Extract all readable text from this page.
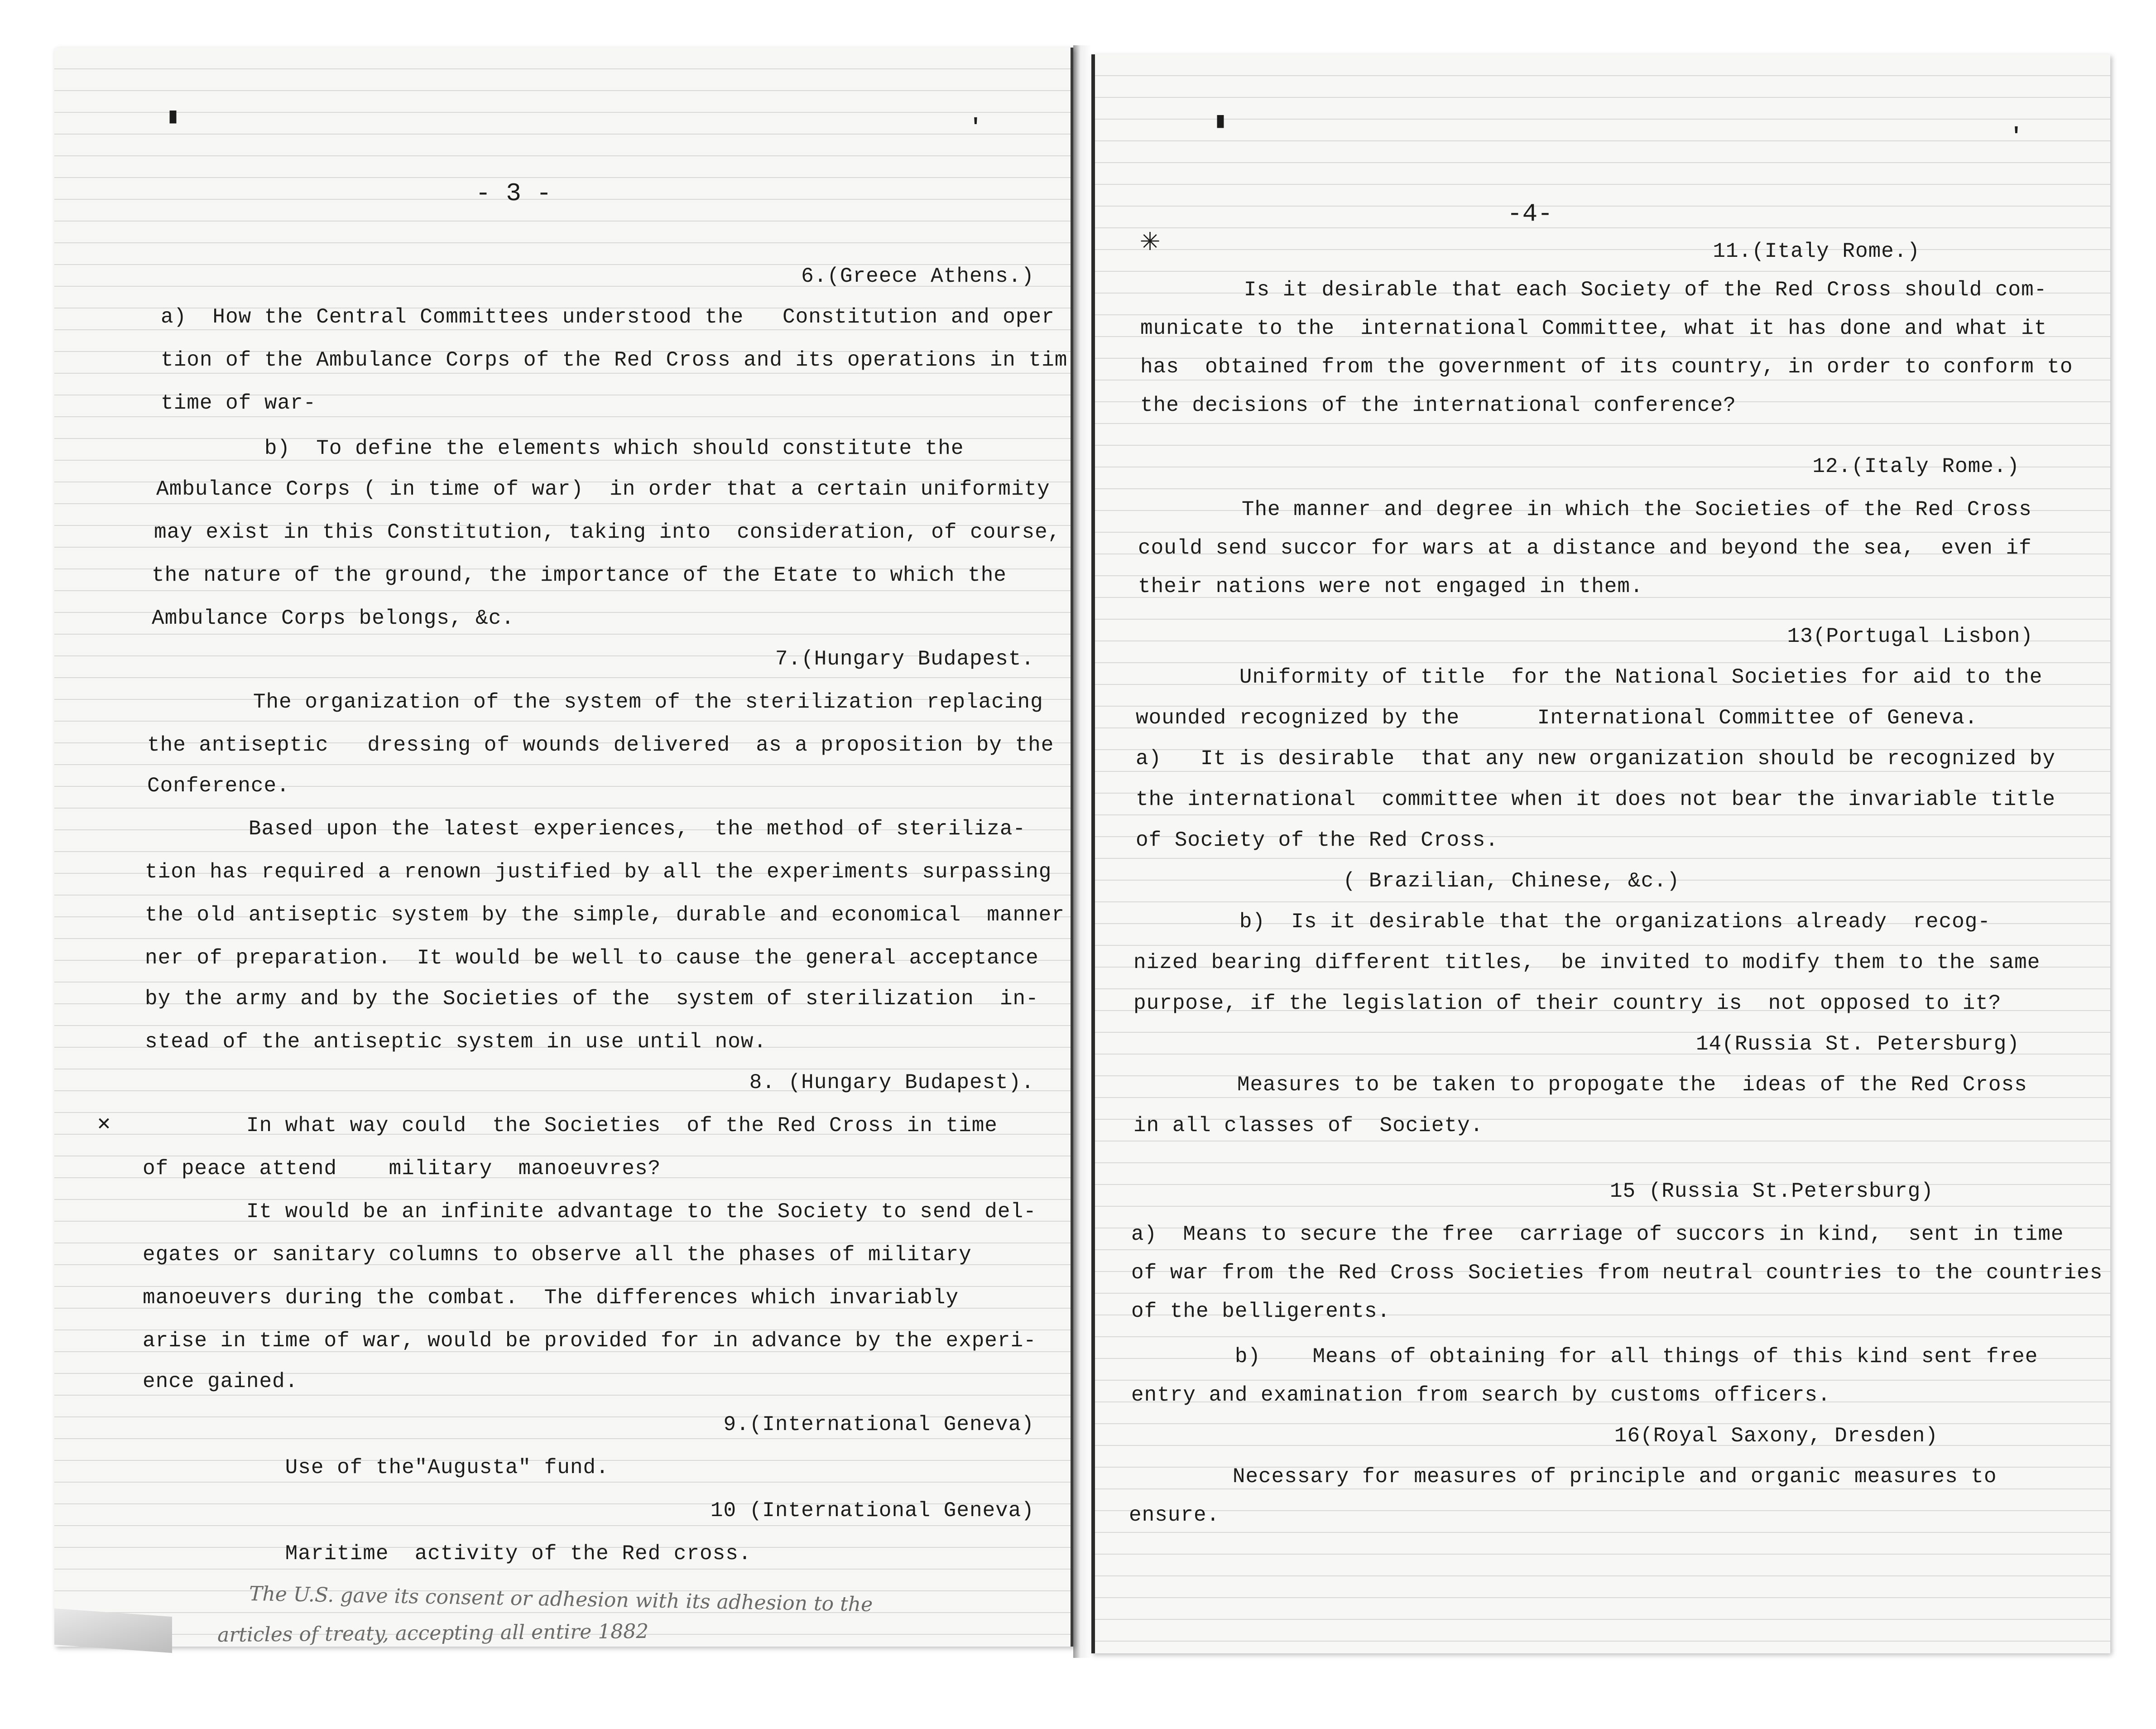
▘	'
- 3 -
6.(Greece Athens.)
a)  How the Central Committees understood the   Constitution and oper
tion of the Ambulance Corps of the Red Cross and its operations in tim
time of war-
b)  To define the elements which should constitute the
Ambulance Corps ( in time of war)  in order that a certain uniformity
may exist in this Constitution, taking into  consideration, of course,
the nature of the ground, the importance of the Etate to which the
Ambulance Corps belongs, &c.
7.(Hungary Budapest.
The organization of the system of the sterilization replacing
the antiseptic   dressing of wounds delivered  as a proposition by the
Conference.
Based upon the latest experiences,  the method of steriliza-
tion has required a renown justified by all the experiments surpassing
the old antiseptic system by the simple, durable and economical  manner
ner of preparation.  It would be well to cause the general acceptance
by the army and by the Societies of the  system of sterilization  in-
stead of the antiseptic system in use until now.
8. (Hungary Budapest).
✕ In what way could  the Societies  of the Red Cross in time
of peace attend    military  manoeuvres?
It would be an infinite advantage to the Society to send del-
egates or sanitary columns to observe all the phases of military
manoeuvers during the combat.  The differences which invariably
arise in time of war, would be provided for in advance by the experi-
ence gained.
9.(International Geneva)
Use of the"Augusta" fund.
10 (International Geneva)
Maritime  activity of the Red cross.
The U.S. gave its consent or adhesion with its adhesion to the
articles of treaty, accepting all entire 1882
▘	'
✳
-4-
11.(Italy Rome.)
Is it desirable that each Society of the Red Cross should com-
municate to the  international Committee, what it has done and what it
has  obtained from the government of its country, in order to conform to
the decisions of the international conference?
12.(Italy Rome.)
The manner and degree in which the Societies of the Red Cross
could send succor for wars at a distance and beyond the sea,  even if
their nations were not engaged in them.
13(Portugal Lisbon)
Uniformity of title  for the National Societies for aid to the
wounded recognized by the      International Committee of Geneva.
a)   It is desirable  that any new organization should be recognized by
the international  committee when it does not bear the invariable title
of Society of the Red Cross.
( Brazilian, Chinese, &c.)
b)  Is it desirable that the organizations already  recog-
nized bearing different titles,  be invited to modify them to the same
purpose, if the legislation of their country is  not opposed to it?
14(Russia St. Petersburg)
Measures to be taken to propogate the  ideas of the Red Cross
in all classes of  Society.
15 (Russia St.Petersburg)
a)  Means to secure the free  carriage of succors in kind,  sent in time
of war from the Red Cross Societies from neutral countries to the countries
of the belligerents.
b)    Means of obtaining for all things of this kind sent free
entry and examination from search by customs officers.
16(Royal Saxony, Dresden)
Necessary for measures of principle and organic measures to
ensure.
